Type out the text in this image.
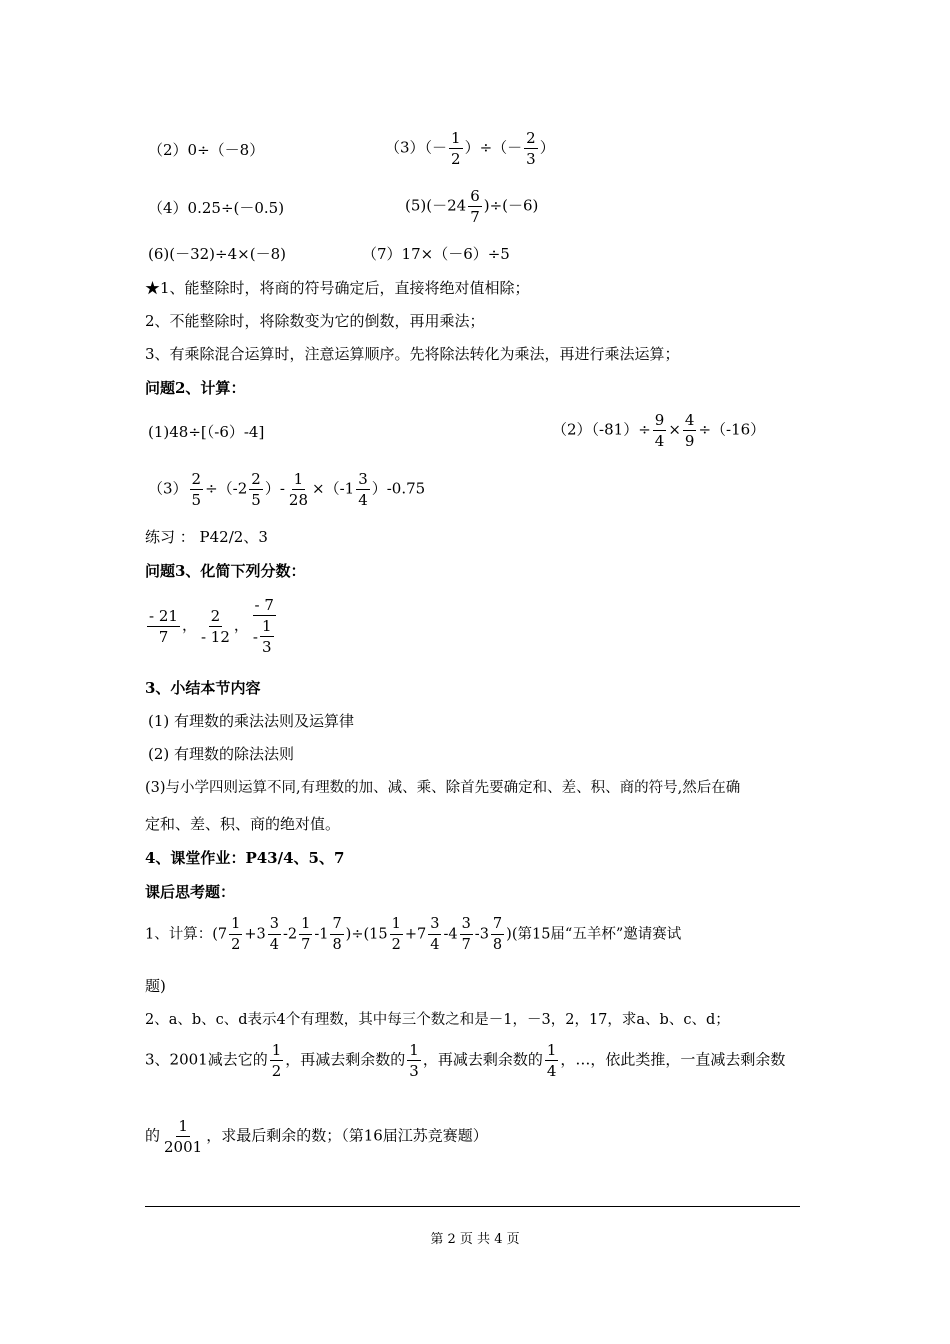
（2）0÷（－8）	$(3)(- \frac{1}{2}$ ）÷（－ $\frac{2}{3}$ ）
（4）0.25÷(－0.5)	$(5)(-24 \frac{6}{7} )\div(-6)$
(6)(－32)÷4×(－8)	（7）17×（－6）÷5
★1、能整除时，将商的符号确定后，直接将绝对值相除；
2、不能整除时，将除数变为它的倒数，再用乘法；
3、有乘除混合运算时，注意运算顺序。先将除法转化为乘法，再进行乘法运算；
问题2、计算：
(1)48÷[（-6）-4]	$(2)(-81)\div \frac{9}{4} \times \frac{4}{9} \div(-16)$
$(3) \frac{2}{5} \div(-2 \frac{2}{5}$ ）- $\frac{1}{28} \times(-1 \frac{3}{4} )-0.75$
练习 ： P42/2、3
问题3、化简下列分数：
$\frac{- 21}{7}$ ， $\frac{2}{- 12}$ ， $\frac{- 7}{- \frac{1}{3}}$
3、小结本节内容
(1) 有理数的乘法法则及运算律
(2) 有理数的除法法则
(3)与小学四则运算不同,有理数的加、减、乘、除首先要确定和、差、积、商的符号,然后在确
定和、差、积、商的绝对值。
4、课堂作业：P43/4、5、7
课后思考题：
1、计算：$(7 \frac{1}{2} +3 \frac{3}{4} -2 \frac{1}{7} -1 \frac{7}{8} )\div(15 \frac{1}{2} +7 \frac{3}{4} -4 \frac{3}{7} -3 \frac{7}{8}$ )(第15届“五羊杯”邀请赛试
题)
2、a、b、c、d表示4个有理数，其中每三个数之和是－1，－3，2，17，求a、b、c、d；
3、2001减去它的 $\frac{1}{2}$ ，再减去剩余数的 $\frac{1}{3}$ ，再减去剩余数的 $\frac{1}{4}$ ，…，依此类推，一直减去剩余数
的 $\frac{1}{2001}$ ，求最后剩余的数；（第16届江苏竞赛题）
第 2 页 共 4 页
